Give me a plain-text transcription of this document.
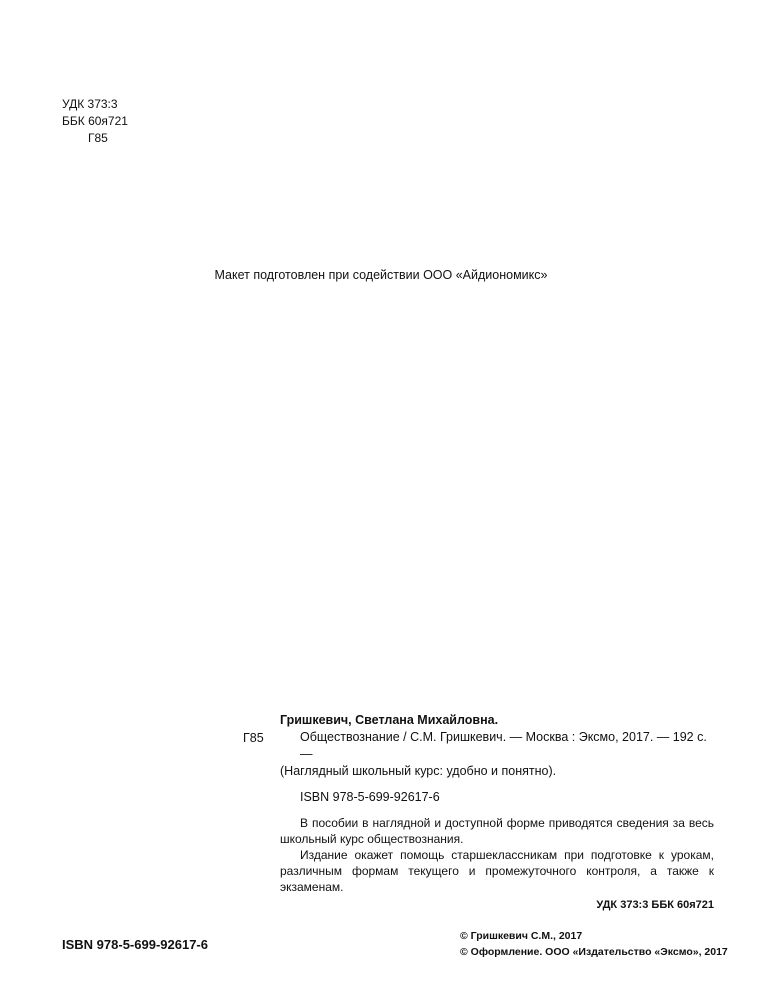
УДК 373:3
ББК 60я721
Г85
Макет подготовлен при содействии ООО «Айдиономикс»
Г85
Гришкевич, Светлана Михайловна.
Обществознание / С.М. Гришкевич. — Москва : Эксмо, 2017. — 192 с. —
(Наглядный школьный курс: удобно и понятно).
ISBN 978-5-699-92617-6

В пособии в наглядной и доступной форме приводятся сведения за весь школьный курс обществознания.

Издание окажет помощь старшеклассникам при подготовке к урокам, различным формам текущего и промежуточного контроля, а также к экзаменам.

УДК 373:3 ББК 60я721
ISBN 978-5-699-92617-6
© Гришкевич С.М., 2017
© Оформление. ООО «Издательство «Эксмо», 2017
